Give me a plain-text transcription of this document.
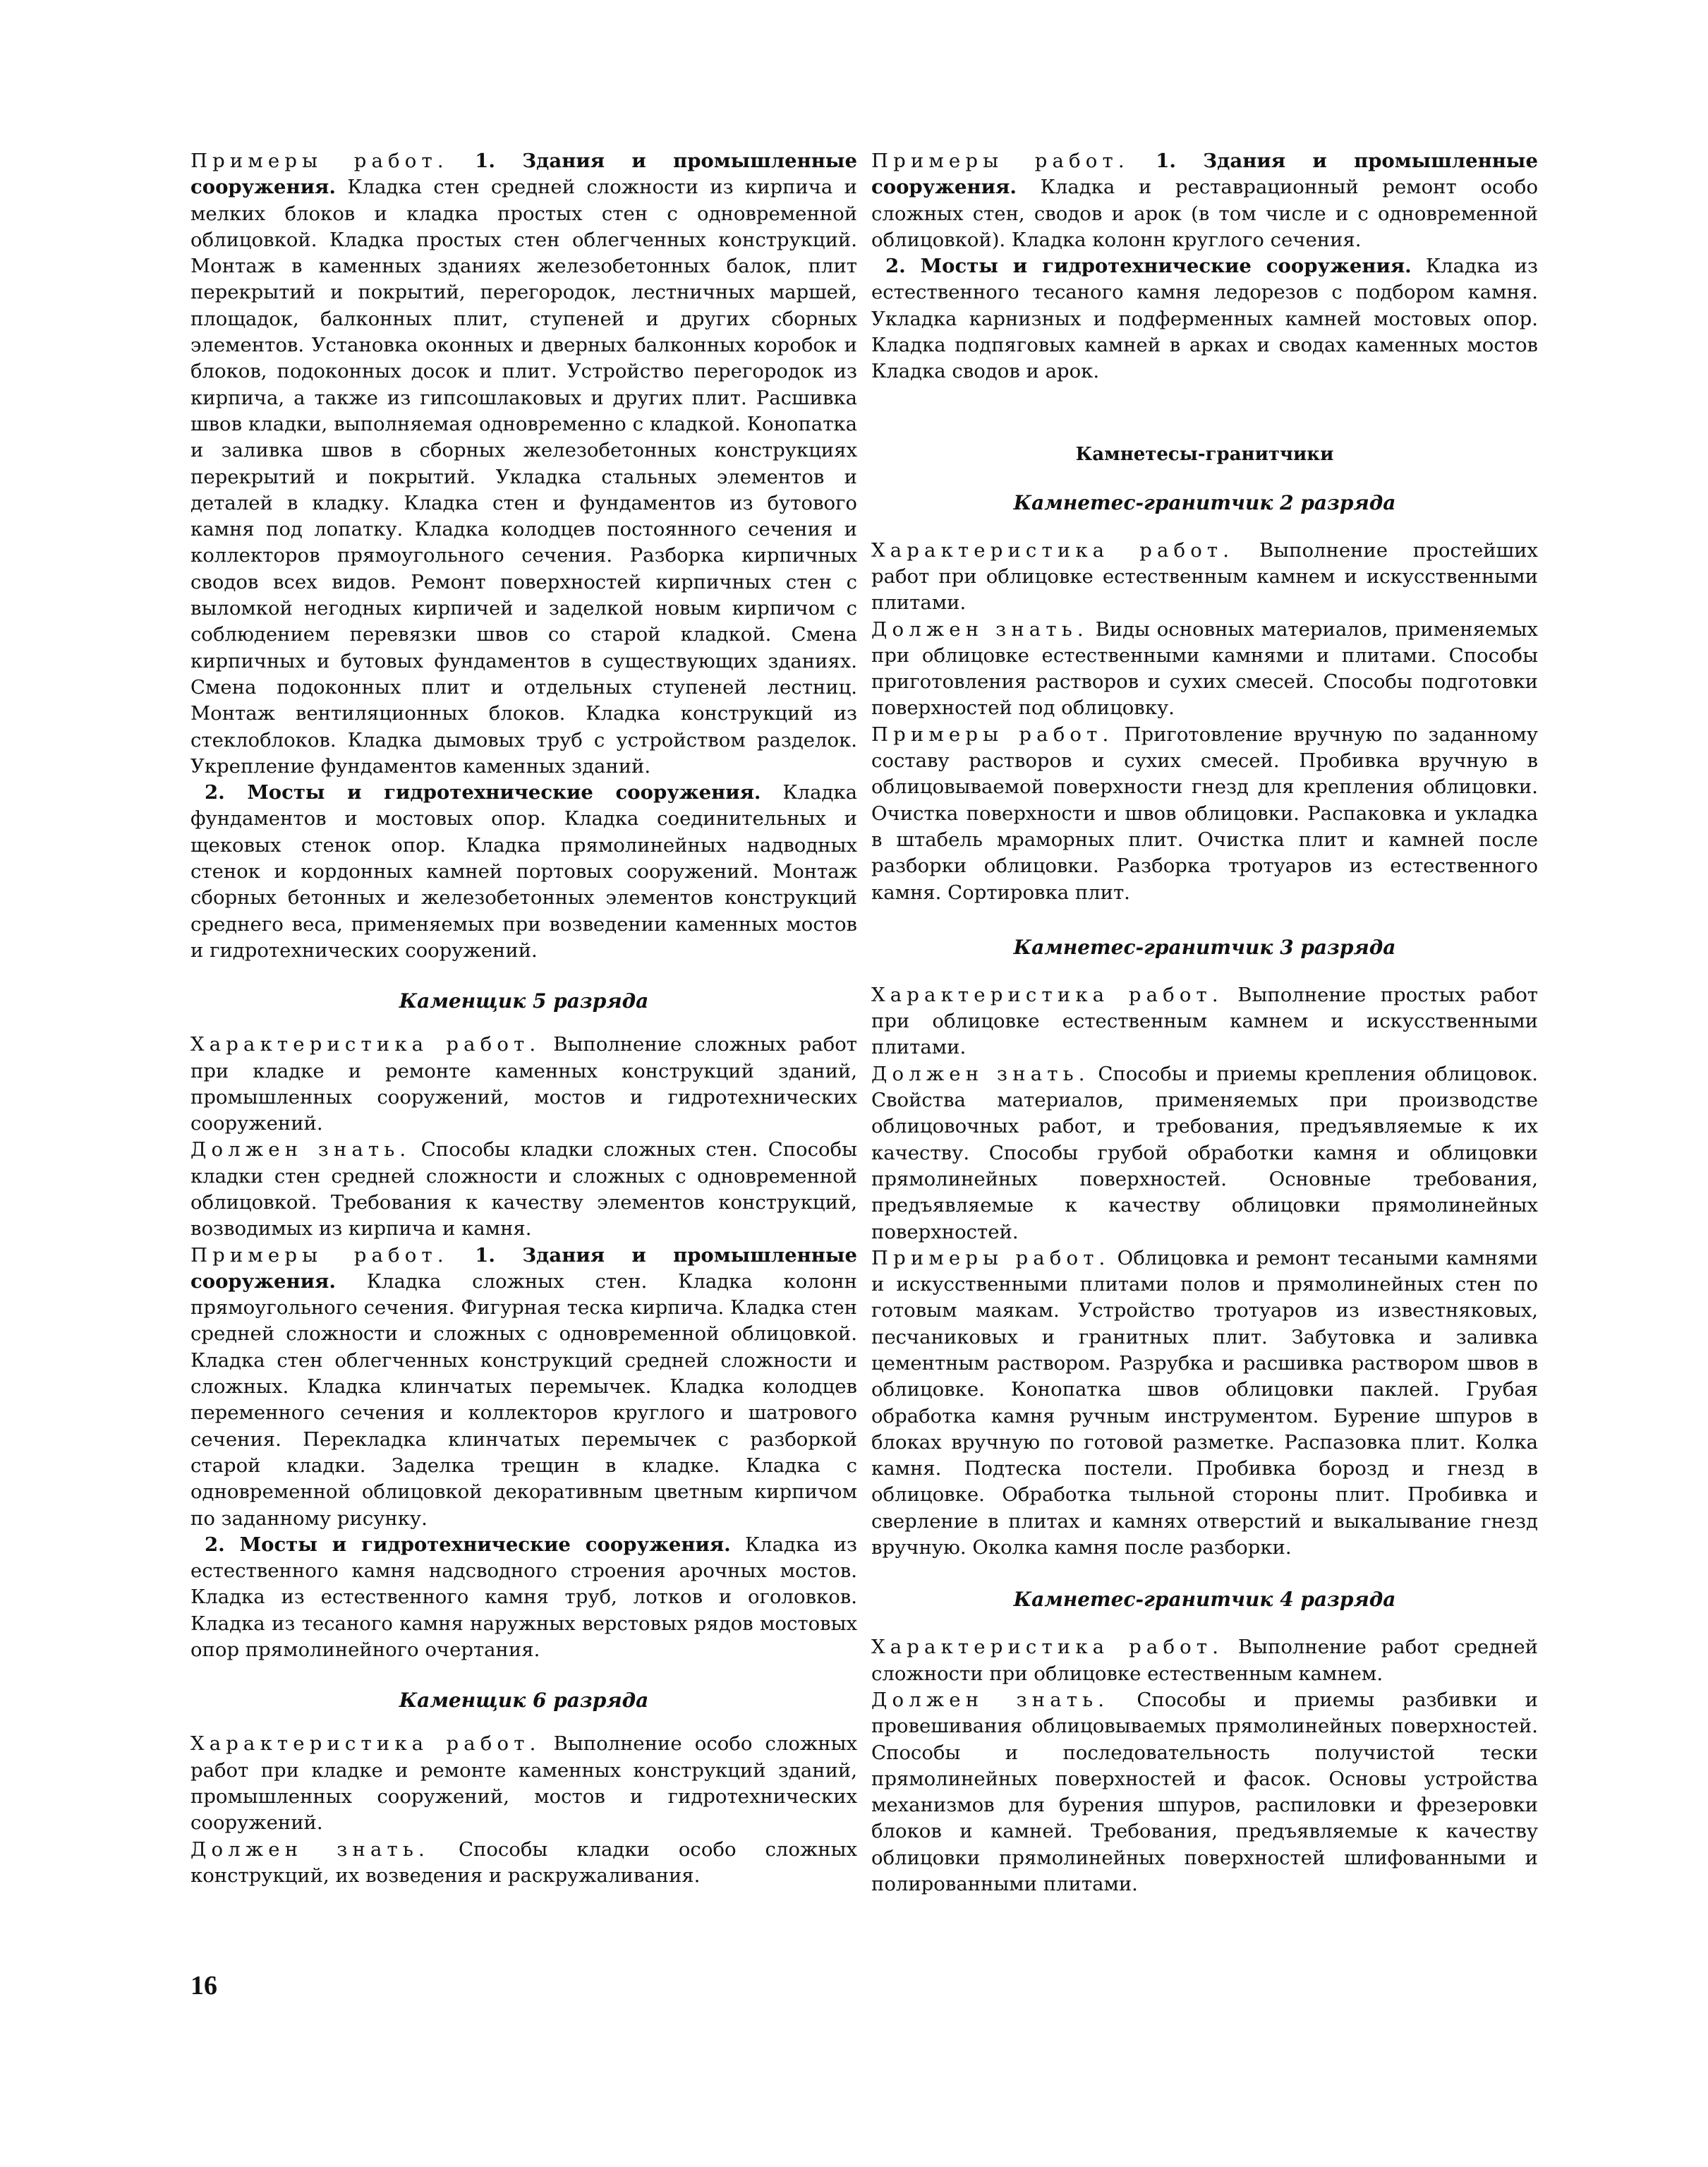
Примеры работ. 1. Здания и промышленные сооружения. Кладка стен средней сложности из кирпича и мелких блоков и кладка простых стен с одновременной облицовкой. Кладка простых стен облегченных конструкций. Монтаж в каменных зданиях железобетонных балок, плит перекрытий и покрытий, перегородок, лестничных маршей, площадок, балконных плит, ступеней и других сборных элементов. Установка оконных и дверных балконных коробок и блоков, подоконных досок и плит. Устройство перегородок из кирпича, а также из гипсошлаковых и других плит. Расшивка швов кладки, выполняемая одновременно с кладкой. Конопатка и заливка швов в сборных железобетонных конструкциях перекрытий и покрытий. Укладка стальных элементов и деталей в кладку. Кладка стен и фундаментов из бутового камня под лопатку. Кладка колодцев постоянного сечения и коллекторов прямоугольного сечения. Разборка кирпичных сводов всех видов. Ремонт поверхностей кирпичных стен с выломкой негодных кирпичей и заделкой новым кирпичом с соблюдением перевязки швов со старой кладкой. Смена кирпичных и бутовых фундаментов в существующих зданиях. Смена подоконных плит и отдельных ступеней лестниц. Монтаж вентиляционных блоков. Кладка конструкций из стеклоблоков. Кладка дымовых труб с устройством разделок. Укрепление фундаментов каменных зданий.

2. Мосты и гидротехнические сооружения. Кладка фундаментов и мостовых опор. Кладка соединительных и щековых стенок опор. Кладка прямолинейных надводных стенок и кордонных камней портовых сооружений. Монтаж сборных бетонных и железобетонных элементов конструкций среднего веса, применяемых при возведении каменных мостов и гидротехнических сооружений.

Каменщик 5 разряда

Характеристика работ. Выполнение сложных работ при кладке и ремонте каменных конструкций зданий, промышленных сооружений, мостов и гидротехнических сооружений.

Должен знать. Способы кладки сложных стен. Способы кладки стен средней сложности и сложных с одновременной облицовкой. Требования к качеству элементов конструкций, возводимых из кирпича и камня.

Примеры работ. 1. Здания и промышленные сооружения. Кладка сложных стен. Кладка колонн прямоугольного сечения. Фигурная теска кирпича. Кладка стен средней сложности и сложных с одновременной облицовкой. Кладка стен облегченных конструкций средней сложности и сложных. Кладка клинчатых перемычек. Кладка колодцев переменного сечения и коллекторов круглого и шатрового сечения. Перекладка клинчатых перемычек с разборкой старой кладки. Заделка трещин в кладке. Кладка с одновременной облицовкой декоративным цветным кирпичом по заданному рисунку.

2. Мосты и гидротехнические сооружения. Кладка из естественного камня надсводного строения арочных мостов. Кладка из естественного камня труб, лотков и оголовков. Кладка из тесаного камня наружных верстовых рядов мостовых опор прямолинейного очертания.

Каменщик 6 разряда

Характеристика работ. Выполнение особо сложных работ при кладке и ремонте каменных конструкций зданий, промышленных сооружений, мостов и гидротехнических сооружений.

Должен знать. Способы кладки особо сложных конструкций, их возведения и раскружаливания.

Примеры работ. 1. Здания и промышленные сооружения. Кладка и реставрационный ремонт особо сложных стен, сводов и арок (в том числе и с одновременной облицовкой). Кладка колонн круглого сечения.

2. Мосты и гидротехнические сооружения. Кладка из естественного тесаного камня ледорезов с подбором камня. Укладка карнизных и подферменных камней мостовых опор. Кладка подпяговых камней в арках и сводах каменных мостов Кладка сводов и арок.

Камнетесы-гранитчики
Камнетес-гранитчик 2 разряда

Характеристика работ. Выполнение простейших работ при облицовке естественным камнем и искусственными плитами.

Должен знать. Виды основных материалов, применяемых при облицовке естественными камнями и плитами. Способы приготовления растворов и сухих смесей. Способы подготовки поверхностей под облицовку.

Примеры работ. Приготовление вручную по заданному составу растворов и сухих смесей. Пробивка вручную в облицовываемой поверхности гнезд для крепления облицовки. Очистка поверхности и швов облицовки. Распаковка и укладка в штабель мраморных плит. Очистка плит и камней после разборки облицовки. Разборка тротуаров из естественного камня. Сортировка плит.

Камнетес-гранитчик 3 разряда

Характеристика работ. Выполнение простых работ при облицовке естественным камнем и искусственными плитами.

Должен знать. Способы и приемы крепления облицовок. Свойства материалов, применяемых при производстве облицовочных работ, и требования, предъявляемые к их качеству. Способы грубой обработки камня и облицовки прямолинейных поверхностей. Основные требования, предъявляемые к качеству облицовки прямолинейных поверхностей.

Примеры работ. Облицовка и ремонт тесаными камнями и искусственными плитами полов и прямолинейных стен по готовым маякам. Устройство тротуаров из известняковых, песчаниковых и гранитных плит. Забутовка и заливка цементным раствором. Разрубка и расшивка раствором швов в облицовке. Конопатка швов облицовки паклей. Грубая обработка камня ручным инструментом. Бурение шпуров в блоках вручную по готовой разметке. Распазовка плит. Колка камня. Подтеска постели. Пробивка борозд и гнезд в облицовке. Обработка тыльной стороны плит. Пробивка и сверление в плитах и камнях отверстий и выкалывание гнезд вручную. Околка камня после разборки.

Камнетес-гранитчик 4 разряда

Характеристика работ. Выполнение работ средней сложности при облицовке естественным камнем.

Должен знать. Способы и приемы разбивки и провешивания облицовываемых прямолинейных поверхностей. Способы и последовательность получистой тески прямолинейных поверхностей и фасок. Основы устройства механизмов для бурения шпуров, распиловки и фрезеровки блоков и камней. Требования, предъявляемые к качеству облицовки прямолинейных поверхностей шлифованными и полированными плитами.

16
